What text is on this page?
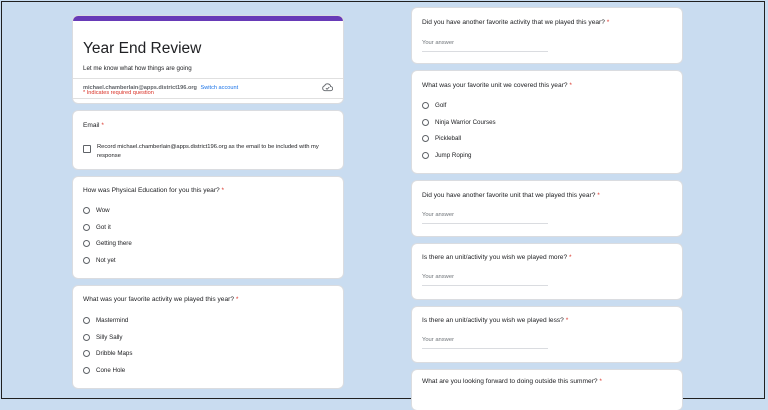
Year End Review
Let me know what how things are going
michael.chamberlain@apps.district196.org Switch account
* Indicates required question
Email *
Record michael.chamberlain@apps.district196.org as the email to be included with my response
How was Physical Education for you this year? *
Wow
Got it
Getting there
Not yet
What was your favorite activity we played this year? *
Mastermind
Silly Sally
Dribble Maps
Cone Hole
Did you have another favorite activity that we played this year? *
Your answer
What was your favorite unit we covered this year? *
Golf
Ninja Warrior Courses
Pickleball
Jump Roping
Did you have another favorite unit that we played this year? *
Your answer
Is there an unit/activity you wish we played more? *
Your answer
Is there an unit/activity you wish we played less? *
Your answer
What are you looking forward to doing outside this summer? *
